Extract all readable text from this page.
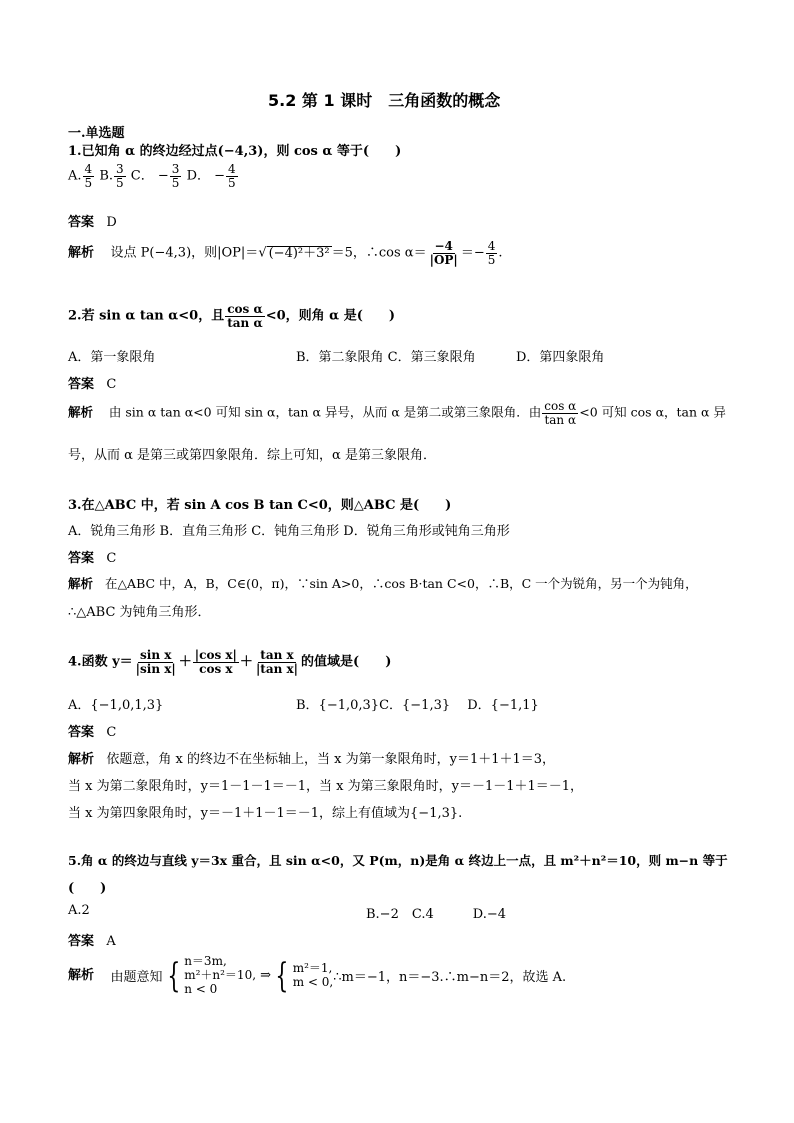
5.2 第 1 课时　三角函数的概念
一.单选题
1.已知角 α 的终边经过点(−4,3)，则 cos α 等于(　　)
A. $\frac{4}{5} B$. $\frac{3}{5}$ C． − $\frac{3}{5}$ D． − $\frac{4}{5}$
答案 D
解析 设点 P(−4,3)，则|OP|＝√ (−4)²＋3² ＝5，∴cos $\alpha= \frac{-4}{|OP|} =- \frac{4}{5}$ .
2.若 sin α tan α<0，且 $\frac{\text{cos α}}{\text{tan α}} <0$，则角 α 是(　　)
A．第一象限角	B．第二象限角 C．第三象限角	D．第四象限角
答案 C
解析 由 sin α tan α<0 可知 sin α，tan α 异号，从而 α 是第二或第三象限角．由 $\frac{\text{cos α}}{\text{tan α}} <0$ 可知 cos α，tan α 异
号，从而 α 是第三或第四象限角．综上可知，α 是第三象限角．
3.在△ABC 中，若 sin A cos B tan C<0，则△ABC 是(　　)
A．锐角三角形 B．直角三角形 C．钝角三角形 D．锐角三角形或钝角三角形
答案 C
解析 在△ABC 中，A，B，C∈(0，π)，∵sin A>0，∴cos B·tan C<0，∴B，C 一个为锐角，另一个为钝角，
∴△ABC 为钝角三角形．
4.函数 $y= \frac{\text{sin x}}{\text{|sin x|}} + \frac{\text{|cos x|}}{\text{cos x}} + \frac{\text{tan x}}{\text{|tan x|}}$ 的值域是(　　)
A．{−1,0,1,3}	B．{−1,0,3}C．{−1,3}　 D．{−1,1}
答案 C
解析 依题意，角 x 的终边不在坐标轴上，当 x 为第一象限角时，y＝1＋1＋1＝3，
当 x 为第二象限角时，y＝1－1－1＝－1，当 x 为第三象限角时，y＝－1－1＋1＝－1，
当 x 为第四象限角时，y＝－1＋1－1＝－1，综上有值域为{−1,3}.
5.角 α 的终边与直线 y＝3x 重合，且 sin α<0，又 P(m，n)是角 α 终边上一点，且 m²＋n²＝10，则 m−n 等于
(　　)
A.2	B.−2　C.4　　　D.−4
答案 A
解析 由题意知 { n＝3m,
m²＋n²＝10,
n < 0
⇒ { m²＝1,
m < 0, ∴m＝−1，n＝−3.∴m−n＝2，故选 A.
